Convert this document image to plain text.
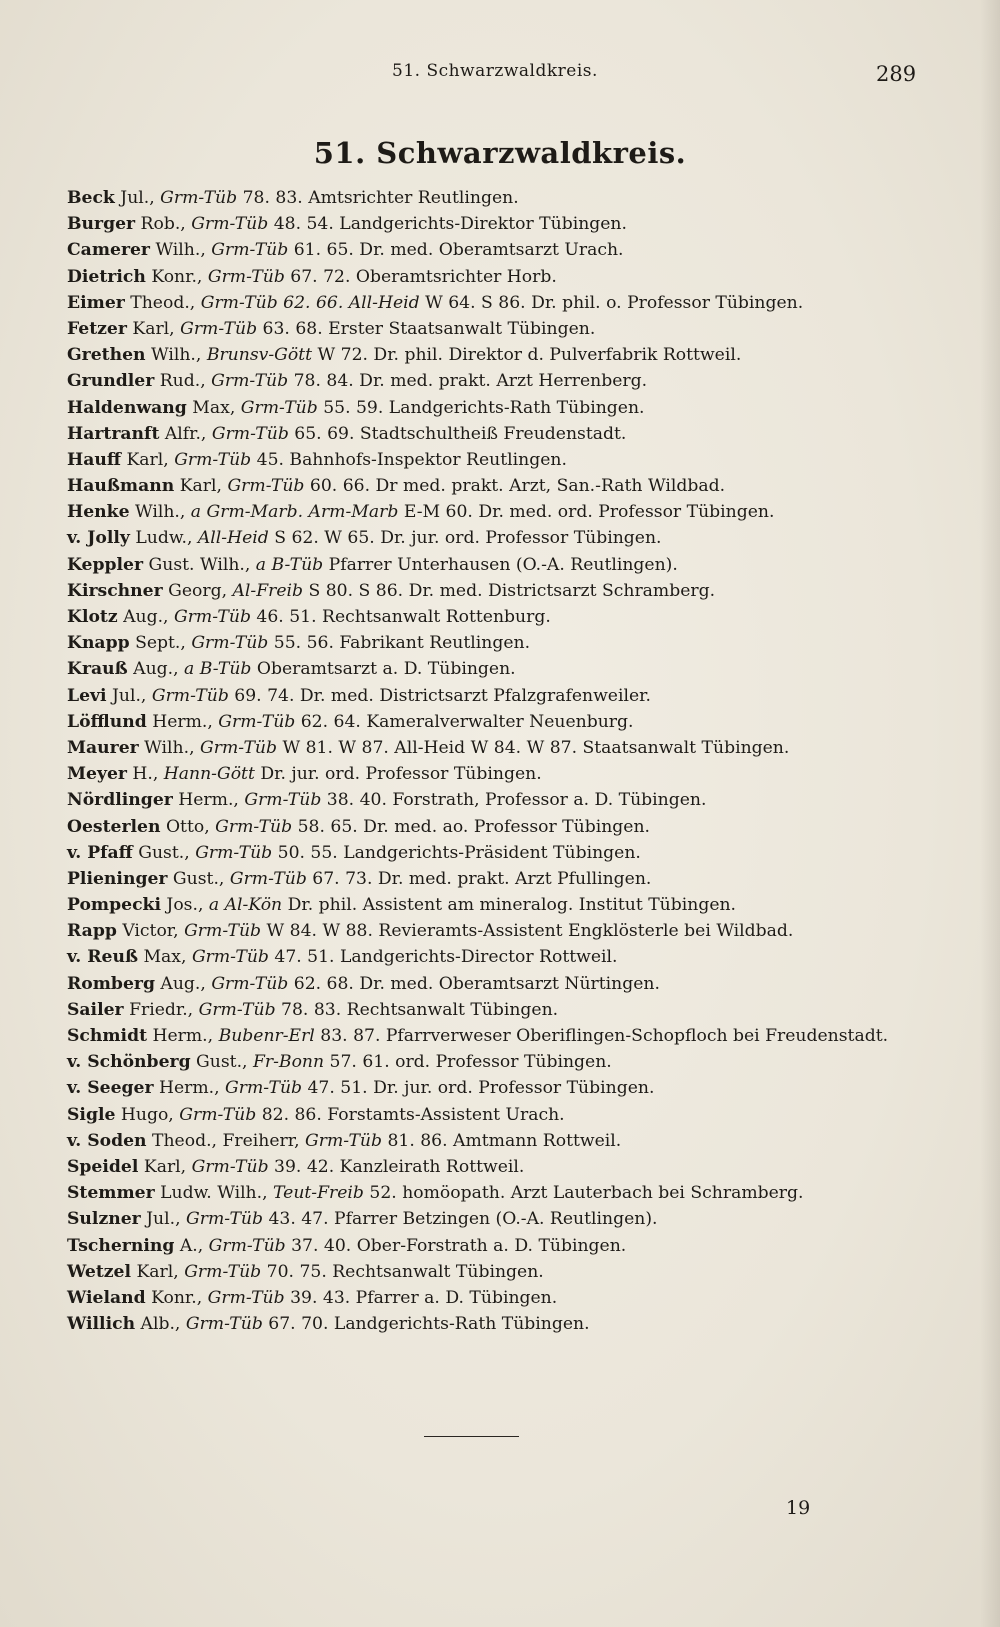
51. Schwarzwaldkreis.	289
51. Schwarzwaldkreis.
Beck Jul., Grm-Tüb 78. 83. Amtsrichter Reutlingen.
Burger Rob., Grm-Tüb 48. 54. Landgerichts-Direktor Tübingen.
Camerer Wilh., Grm-Tüb 61. 65. Dr. med. Oberamtsarzt Urach.
Dietrich Konr., Grm-Tüb 67. 72. Oberamtsrichter Horb.
Eimer Theod., Grm-Tüb 62. 66. All-Heid W 64. S 86. Dr. phil. o. Professor Tübingen.
Fetzer Karl, Grm-Tüb 63. 68. Erster Staatsanwalt Tübingen.
Grethen Wilh., Brunsv-Gött W 72. Dr. phil. Direktor d. Pulverfabrik Rottweil.
Grundler Rud., Grm-Tüb 78. 84. Dr. med. prakt. Arzt Herrenberg.
Haldenwang Max, Grm-Tüb 55. 59. Landgerichts-Rath Tübingen.
Hartranft Alfr., Grm-Tüb 65. 69. Stadtschultheiß Freudenstadt.
Hauff Karl, Grm-Tüb 45. Bahnhofs-Inspektor Reutlingen.
Haußmann Karl, Grm-Tüb 60. 66. Dr med. prakt. Arzt, San.-Rath Wildbad.
Henke Wilh., a Grm-Marb. Arm-Marb E-M 60. Dr. med. ord. Professor Tübingen.
v. Jolly Ludw., All-Heid S 62. W 65. Dr. jur. ord. Professor Tübingen.
Keppler Gust. Wilh., a B-Tüb Pfarrer Unterhausen (O.-A. Reutlingen).
Kirschner Georg, Al-Freib S 80. S 86. Dr. med. Districtsarzt Schramberg.
Klotz Aug., Grm-Tüb 46. 51. Rechtsanwalt Rottenburg.
Knapp Sept., Grm-Tüb 55. 56. Fabrikant Reutlingen.
Krauß Aug., a B-Tüb Oberamtsarzt a. D. Tübingen.
Levi Jul., Grm-Tüb 69. 74. Dr. med. Districtsarzt Pfalzgrafenweiler.
Löfflund Herm., Grm-Tüb 62. 64. Kameralverwalter Neuenburg.
Maurer Wilh., Grm-Tüb W 81. W 87. All-Heid W 84. W 87. Staatsanwalt Tübingen.
Meyer H., Hann-Gött Dr. jur. ord. Professor Tübingen.
Nördlinger Herm., Grm-Tüb 38. 40. Forstrath, Professor a. D. Tübingen.
Oesterlen Otto, Grm-Tüb 58. 65. Dr. med. ao. Professor Tübingen.
v. Pfaff Gust., Grm-Tüb 50. 55. Landgerichts-Präsident Tübingen.
Plieninger Gust., Grm-Tüb 67. 73. Dr. med. prakt. Arzt Pfullingen.
Pompecki Jos., a Al-Kön Dr. phil. Assistent am mineralog. Institut Tübingen.
Rapp Victor, Grm-Tüb W 84. W 88. Revieramts-Assistent Engklösterle bei Wildbad.
v. Reuß Max, Grm-Tüb 47. 51. Landgerichts-Director Rottweil.
Romberg Aug., Grm-Tüb 62. 68. Dr. med. Oberamtsarzt Nürtingen.
Sailer Friedr., Grm-Tüb 78. 83. Rechtsanwalt Tübingen.
Schmidt Herm., Bubenr-Erl 83. 87. Pfarrverweser Oberiflingen-Schopfloch bei Freudenstadt.
v. Schönberg Gust., Fr-Bonn 57. 61. ord. Professor Tübingen.
v. Seeger Herm., Grm-Tüb 47. 51. Dr. jur. ord. Professor Tübingen.
Sigle Hugo, Grm-Tüb 82. 86. Forstamts-Assistent Urach.
v. Soden Theod., Freiherr, Grm-Tüb 81. 86. Amtmann Rottweil.
Speidel Karl, Grm-Tüb 39. 42. Kanzleirath Rottweil.
Stemmer Ludw. Wilh., Teut-Freib 52. homöopath. Arzt Lauterbach bei Schramberg.
Sulzner Jul., Grm-Tüb 43. 47. Pfarrer Betzingen (O.-A. Reutlingen).
Tscherning A., Grm-Tüb 37. 40. Ober-Forstrath a. D. Tübingen.
Wetzel Karl, Grm-Tüb 70. 75. Rechtsanwalt Tübingen.
Wieland Konr., Grm-Tüb 39. 43. Pfarrer a. D. Tübingen.
Willich Alb., Grm-Tüb 67. 70. Landgerichts-Rath Tübingen.
19
